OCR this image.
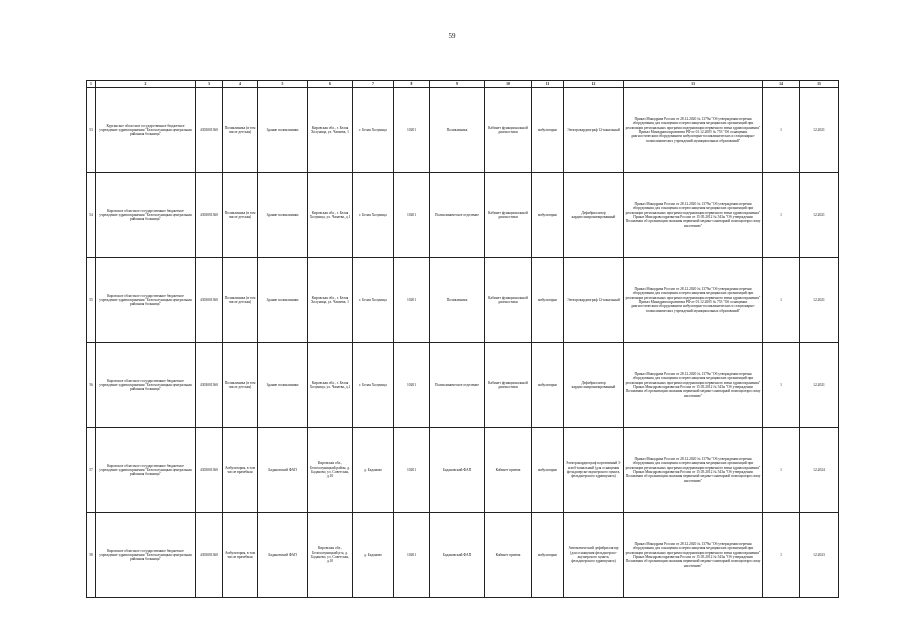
59
1	2	3	4	5	6	7	8	9	10	11	12	13	14	15
53	Курганское областное государственное бюджетное учреждение здравоохранения "Белохолуницкая центральная районная больница"	4303001360	Поликлиника (в том числе детская)	Здание поликлиники	Кировская обл., г. Белая Холуница, ул. Чапаева, 1	г. Белая Холуница	10201	Поликлиника	Кабинет функциональной диагностики	амбулаторно	Электрокардиограф 12-канальный	Приказ Минздрава России от 28.12.2020 № 1379н "Об утверждении перечня оборудования для оснащения и переоснащения медицинских организаций при реализации региональных программ модернизации первичного звена здравоохранения" Приказ Минздравсоцразвития РФ от 01.12.2005 № 753 "Об оснащении диагностическим оборудованием амбулаторно-поликлинических и стационарно-поликлинических учреждений муниципальных образований"	1	12.2021
54	Кировское областное государственное бюджетное учреждение здравоохранения "Белохолуницкая центральная районная больница"	4303001360	Поликлиника (в том числе детская)	Здание поликлиники	Кировская обл., г. Белая Холуница, ул. Чапаева, д.1	г. Белая Холуница	10201	Поликлиническое отделение	Кабинет функциональной диагностики	амбулаторно	Дефибриллятор кардиосинхронизированный	Приказ Минздрава России от 28.12.2020 № 1379н "Об утверждении перечня оборудования для оснащения и переоснащения медицинских организаций при реализации региональных программ модернизации первичного звена здравоохранения" Приказ Минздравсоцразвития России от 15.05.2012 № 543н "Об утверждении Положения об организации оказания первичной медико-санитарной помощи взрослому населению"	1	12.2021
55	Кировское областное государственное бюджетное учреждение здравоохранения "Белохолуницкая центральная районная больница"	4303001360	Поликлиника (в том числе детская)	Здание поликлиники	Кировская обл., г. Белая Холуница, ул. Чапаева, 1	г. Белая Холуница	10201	Поликлиника	Кабинет функциональной диагностики	амбулаторно	Электрокардиограф 12-канальный	Приказ Минздрава России от 28.12.2020 № 1379н "Об утверждении перечня оборудования для оснащения и переоснащения медицинских организаций при реализации региональных программ модернизации первичного звена здравоохранения" Приказ Минздравсоцразвития РФ от 01.12.2005 № 753 "Об оснащении диагностическим оборудованием амбулаторно-поликлинических и стационарно-поликлинических учреждений муниципальных образований"	1	12.2021
56	Кировское областное государственное бюджетное учреждение здравоохранения "Белохолуницкая центральная районная больница"	4303001360	Поликлиника (в том числе детская)	Здание поликлиники	Кировская обл., г. Белая Холуница, ул. Чапаева, д.1	г. Белая Холуница	10201	Поликлиническое отделение	Кабинет функциональной диагностики	амбулаторно	Дефибриллятор кардиосинхронизированный	Приказ Минздрава России от 28.12.2020 № 1379н "Об утверждении перечня оборудования для оснащения и переоснащения медицинских организаций при реализации региональных программ модернизации первичного звена здравоохранения" Приказ Минздравсоцразвития России от 15.05.2012 № 543н "Об утверждении Положения об организации оказания первичной медико-санитарной помощи взрослому населению"	1	12.2021
57	Кировское областное государственное бюджетное учреждение здравоохранения "Белохолуницкая центральная районная больница"	4303001360	Амбулатория, в том числе врачебная	Бадановский ФАП	Кировская обл., Белохолуницкий район, д. Баданово, ул. Советская, д.10	д. Баданово	10201	Бадановский ФАП	Кабинет приема	амбулаторно	Электрокардиограф портативный 3- или 6-канальный (для оснащения фельдшерско-акушерского пункта, фельдшерского здравпункта)	Приказ Минздрава России от 28.12.2020 № 1379н "Об утверждении перечня оборудования для оснащения и переоснащения медицинских организаций при реализации региональных программ модернизации первичного звена здравоохранения" Приказ Минздравсоцразвития России от 15.05.2012 № 543н "Об утверждении Положения об организации оказания первичной медико-санитарной помощи взрослому населению"	1	12.2024
58	Кировское областное государственное бюджетное учреждение здравоохранения "Белохолуницкая центральная районная больница"	4303001360	Амбулатория, в том числе врачебная	Бадановский ФАП	Кировская обл., Белохолуницкий р-н, д. Баданово, ул. Советская, д.10	д. Баданово	10201	Бадановский ФАП	Кабинет приема	амбулаторно	Автоматический дефибриллятор (для оснащения фельдшерско-акушерского пункта, фельдшерского здравпункта)	Приказ Минздрава России от 28.12.2020 № 1379н "Об утверждении перечня оборудования для оснащения и переоснащения медицинских организаций при реализации региональных программ модернизации первичного звена здравоохранения" Приказ Минздравсоцразвития России от 15.05.2012 № 543н "Об утверждении Положения об организации оказания первичной медико-санитарной помощи взрослому населению"	1	12.2023
